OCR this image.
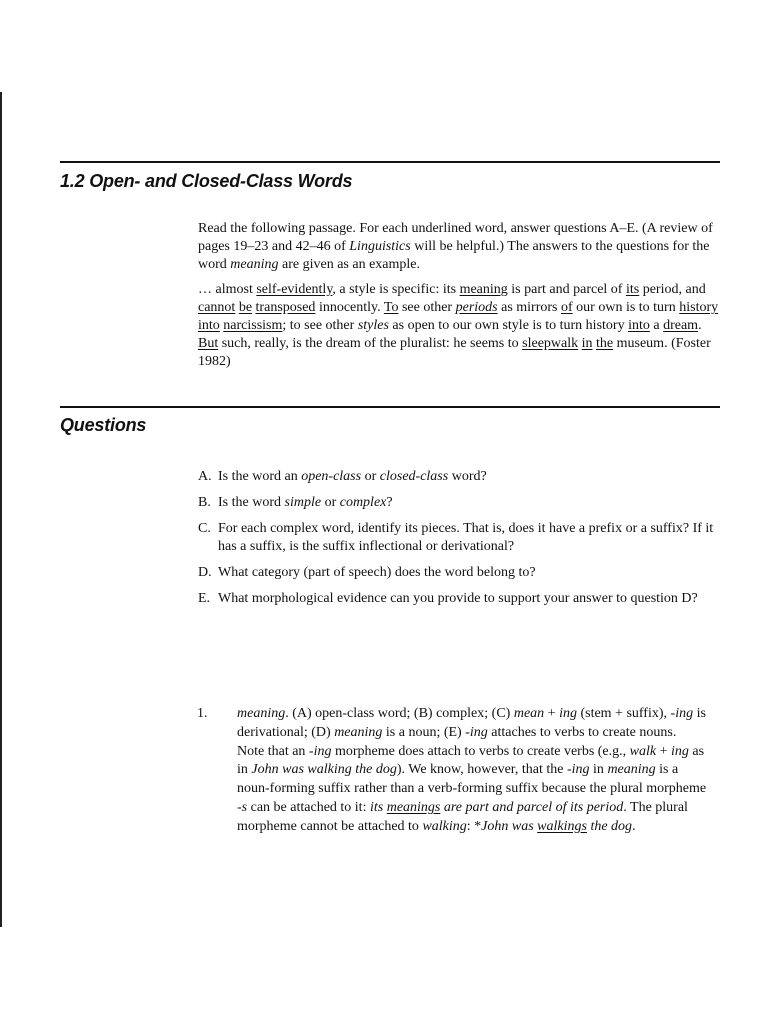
1.2 Open- and Closed-Class Words

Read the following passage. For each underlined word, answer questions A–E. (A review of pages 19–23 and 42–46 of Linguistics will be helpful.) The answers to the questions for the word meaning are given as an example.

… almost self-evidently, a style is specific: its meaning is part and parcel of its period, and cannot be transposed innocently. To see other periods as mirrors of our own is to turn history into narcissism; to see other styles as open to our own style is to turn history into a dream. But such, really, is the dream of the pluralist: he seems to sleepwalk in the museum. (Foster 1982)

Questions
A. Is the word an open-class or closed-class word?
B. Is the word simple or complex?
C. For each complex word, identify its pieces. That is, does it have a prefix or a suffix? If it has a suffix, is the suffix inflectional or derivational?
D. What category (part of speech) does the word belong to?
E. What morphological evidence can you provide to support your answer to question D?

1. meaning. (A) open-class word; (B) complex; (C) mean + ing (stem + suffix), -ing is derivational; (D) meaning is a noun; (E) -ing attaches to verbs to create nouns. Note that an -ing morpheme does attach to verbs to create verbs (e.g., walk + ing as in John was walking the dog). We know, however, that the -ing in meaning is a noun-forming suffix rather than a verb-forming suffix because the plural morpheme -s can be attached to it: its meanings are part and parcel of its period. The plural morpheme cannot be attached to walking: *John was walkings the dog.
